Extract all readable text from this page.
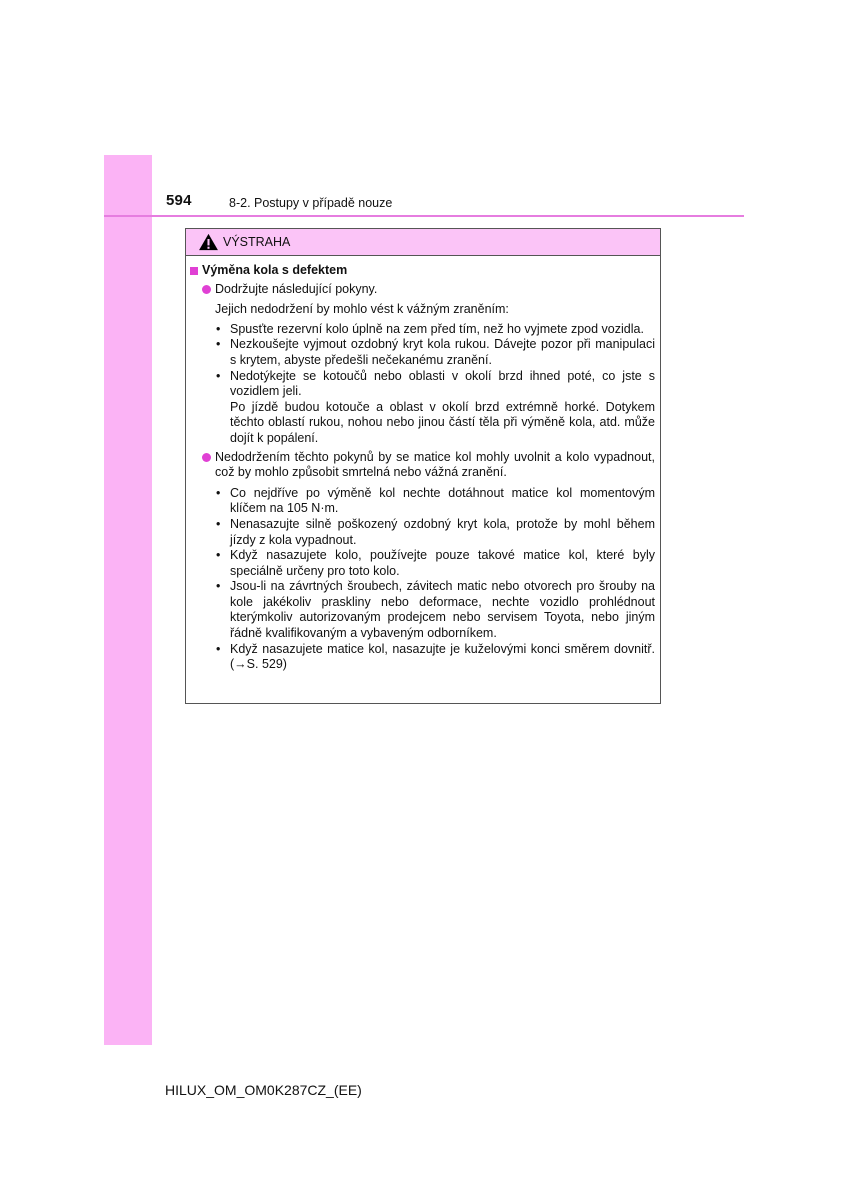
594	8-2. Postupy v případě nouze
VÝSTRAHA
Výměna kola s defektem
Dodržujte následující pokyny.
Jejich nedodržení by mohlo vést k vážným zraněním:
• Spusťte rezervní kolo úplně na zem před tím, než ho vyjmete zpod vozidla.
• Nezkoušejte vyjmout ozdobný kryt kola rukou. Dávejte pozor při manipulaci s krytem, abyste předešli nečekanému zranění.
• Nedotýkejte se kotoučů nebo oblasti v okolí brzd ihned poté, co jste s vozidlem jeli.
Po jízdě budou kotouče a oblast v okolí brzd extrémně horké. Dotykem těchto oblastí rukou, nohou nebo jinou částí těla při výměně kola, atd. může dojít k popálení.
Nedodržením těchto pokynů by se matice kol mohly uvolnit a kolo vypadnout, což by mohlo způsobit smrtelná nebo vážná zranění.
• Co nejdříve po výměně kol nechte dotáhnout matice kol momentovým klíčem na 105 N·m.
• Nenasazujte silně poškozený ozdobný kryt kola, protože by mohl během jízdy z kola vypadnout.
• Když nasazujete kolo, používejte pouze takové matice kol, které byly speciálně určeny pro toto kolo.
• Jsou-li na závrtných šroubech, závitech matic nebo otvorech pro šrouby na kole jakékoliv praskliny nebo deformace, nechte vozidlo prohlédnout kterýmkoliv autorizovaným prodejcem nebo servisem Toyota, nebo jiným řádně kvalifikovaným a vybaveným odborníkem.
• Když nasazujete matice kol, nasazujte je kuželovými konci směrem dovnitř. (→S. 529)
HILUX_OM_OM0K287CZ_(EE)
